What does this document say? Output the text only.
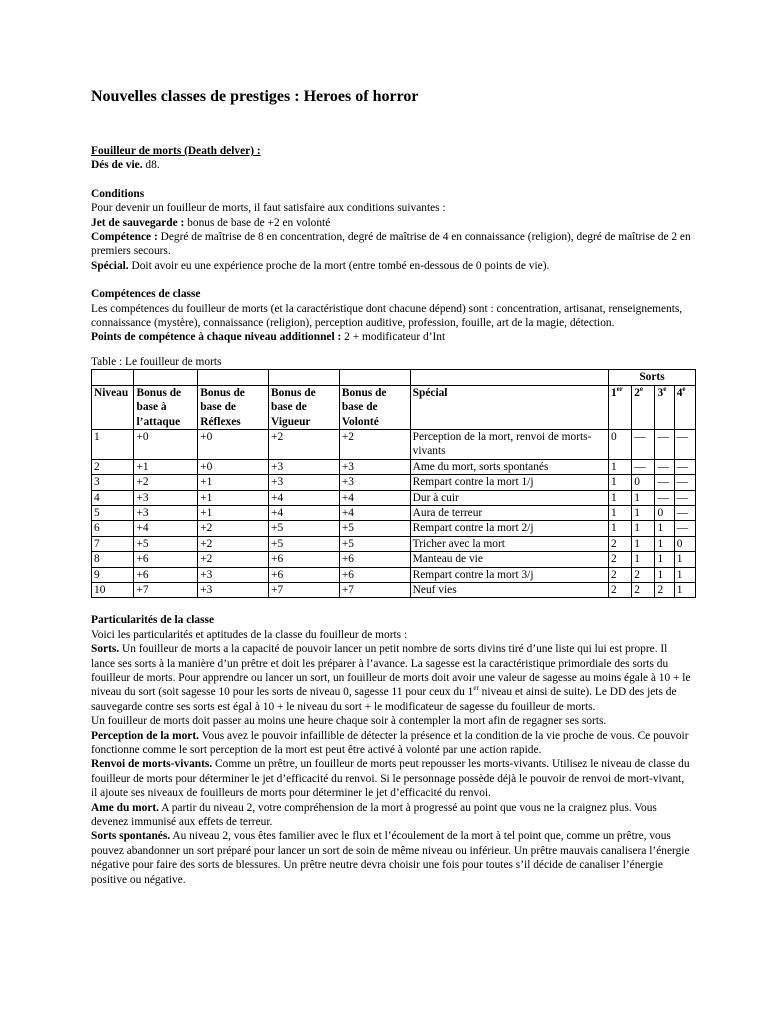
Nouvelles classes de prestiges : Heroes of horror

Fouilleur de morts (Death delver) :

Dés de vie. d8.

Conditions

Pour devenir un fouilleur de morts, il faut satisfaire aux conditions suivantes :

Jet de sauvegarde : bonus de base de +2 en volonté

Compétence : Degré de maîtrise de 8 en concentration, degré de maîtrise de 4 en connaissance (religion), degré de maîtrise de 2 en premiers secours.

Spécial. Doit avoir eu une expérience proche de la mort (entre tombé en-dessous de 0 points de vie).

Compétences de classe

Les compétences du fouilleur de morts (et la caractéristique dont chacune dépend) sont : concentration, artisanat, renseignements, connaissance (mystère), connaissance (religion), perception auditive, profession, fouille, art de la magie, détection.

Points de compétence à chaque niveau additionnel : 2 + modificateur d’Int

Table : Le fouilleur de morts

						Sorts			
Niveau	Bonus de base à l’attaque	Bonus de base de Réflexes	Bonus de base de Vigueur	Bonus de base de Volonté	Spécial	1er	2e	3e	4e
1	+0	+0	+2	+2	Perception de la mort, renvoi de morts-vivants	0	—	—	—
2	+1	+0	+3	+3	Ame du mort, sorts spontanés	1	—	—	—
3	+2	+1	+3	+3	Rempart contre la mort 1/j	1	0	—	—
4	+3	+1	+4	+4	Dur à cuir	1	1	—	—
5	+3	+1	+4	+4	Aura de terreur	1	1	0	—
6	+4	+2	+5	+5	Rempart contre la mort 2/j	1	1	1	—
7	+5	+2	+5	+5	Tricher avec la mort	2	1	1	0
8	+6	+2	+6	+6	Manteau de vie	2	1	1	1
9	+6	+3	+6	+6	Rempart contre la mort 3/j	2	2	1	1
10	+7	+3	+7	+7	Neuf vies	2	2	2	1

Particularités de la classe

Voici les particularités et aptitudes de la classe du fouilleur de morts :

Sorts. Un fouilleur de morts a la capacité de pouvoir lancer un petit nombre de sorts divins tiré d’une liste qui lui est propre. Il lance ses sorts à la manière d’un prêtre et doit les préparer à l’avance. La sagesse est la caractéristique primordiale des sorts du fouilleur de morts. Pour apprendre ou lancer un sort, un fouilleur de morts doit avoir une valeur de sagesse au moins égale à 10 + le niveau du sort (soit sagesse 10 pour les sorts de niveau 0, sagesse 11 pour ceux du 1er niveau et ainsi de suite). Le DD des jets de sauvegarde contre ses sorts est égal à 10 + le niveau du sort + le modificateur de sagesse du fouilleur de morts.

Un fouilleur de morts doit passer au moins une heure chaque soir à contempler la mort afin de regagner ses sorts.

Perception de la mort. Vous avez le pouvoir infaillible de détecter la présence et la condition de la vie proche de vous. Ce pouvoir fonctionne comme le sort perception de la mort est peut être activé à volonté par une action rapide.

Renvoi de morts-vivants. Comme un prêtre, un fouilleur de morts peut repousser les morts-vivants. Utilisez le niveau de classe du fouilleur de morts pour déterminer le jet d’efficacité du renvoi. Si le personnage possède déjà le pouvoir de renvoi de mort-vivant, il ajoute ses niveaux de fouilleurs de morts pour déterminer le jet d’efficacité du renvoi.

Ame du mort. A partir du niveau 2, votre compréhension de la mort à progressé au point que vous ne la craignez plus. Vous devenez immunisé aux effets de terreur.

Sorts spontanés. Au niveau 2, vous êtes familier avec le flux et l’écoulement de la mort à tel point que, comme un prêtre, vous pouvez abandonner un sort préparé pour lancer un sort de soin de même niveau ou inférieur. Un prêtre mauvais canalisera l’énergie négative pour faire des sorts de blessures. Un prêtre neutre devra choisir une fois pour toutes s’il décide de canaliser l’énergie positive ou négative.
